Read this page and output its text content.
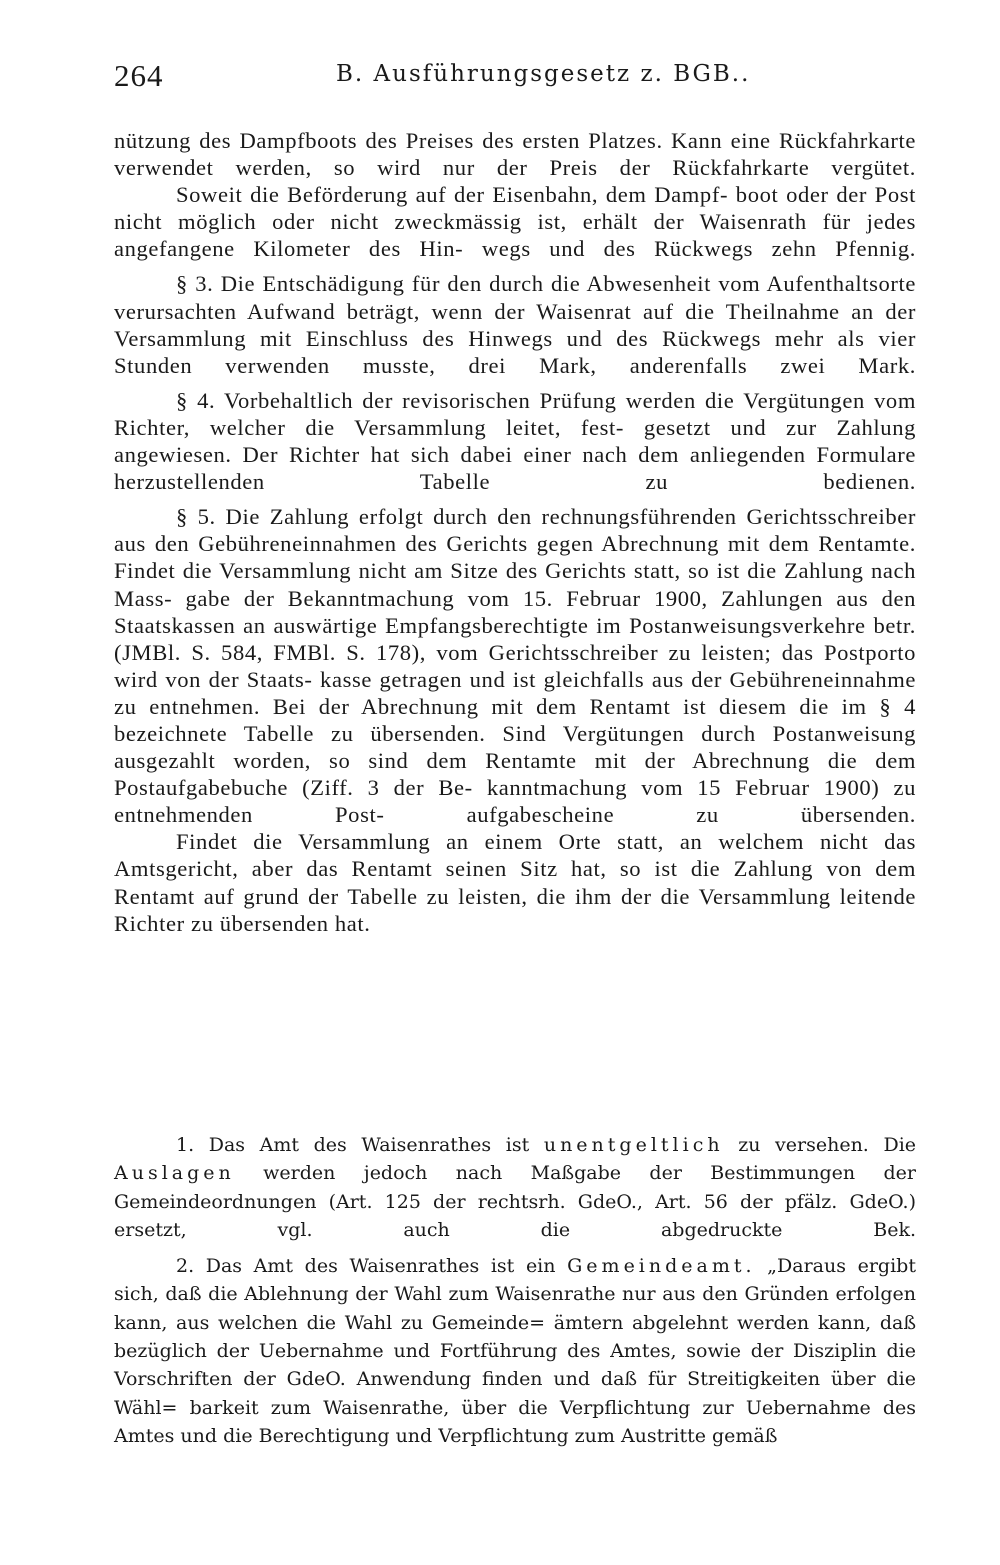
264	B. Ausführungsgesetz z. BGB..

nützung des Dampfboots des Preises des ersten Platzes. Kann eine Rückfahrkarte verwendet werden, so wird nur der Preis der Rückfahrkarte vergütet.

Soweit die Beförderung auf der Eisenbahn, dem Dampf- boot oder der Post nicht möglich oder nicht zweckmässig ist, erhält der Waisenrath für jedes angefangene Kilometer des Hin- wegs und des Rückwegs zehn Pfennig.

§ 3. Die Entschädigung für den durch die Abwesenheit vom Aufenthaltsorte verursachten Aufwand beträgt, wenn der Waisenrat auf die Theilnahme an der Versammlung mit Einschluss des Hinwegs und des Rückwegs mehr als vier Stunden verwenden musste, drei Mark, anderenfalls zwei Mark.

§ 4. Vorbehaltlich der revisorischen Prüfung werden die Vergütungen vom Richter, welcher die Versammlung leitet, fest- gesetzt und zur Zahlung angewiesen. Der Richter hat sich dabei einer nach dem anliegenden Formulare herzustellenden Tabelle	zu bedienen.

§ 5. Die Zahlung erfolgt durch den rechnungsführenden Gerichtsschreiber aus den Gebühreneinnahmen des Gerichts gegen Abrechnung mit dem Rentamte. Findet die Versammlung nicht am Sitze des Gerichts statt, so ist die Zahlung nach Mass- gabe der Bekanntmachung vom 15. Februar 1900, Zahlungen aus den Staatskassen an auswärtige Empfangsberechtigte im Postanweisungsverkehre betr. (JMBl. S. 584, FMBl. S. 178), vom Gerichtsschreiber zu leisten; das Postporto wird von der Staats- kasse getragen und ist gleichfalls aus der Gebühreneinnahme zu entnehmen. Bei der Abrechnung mit dem Rentamt ist diesem die im § 4 bezeichnete Tabelle zu übersenden. Sind Vergütungen durch Postanweisung ausgezahlt worden, so sind dem Rentamte mit der Abrechnung die dem Postaufgabebuche (Ziff. 3 der Be- kanntmachung vom 15 Februar 1900) zu entnehmenden Post-	aufgabescheine zu übersenden.

Findet die Versammlung an einem Orte statt, an welchem nicht das Amtsgericht, aber das Rentamt seinen Sitz hat, so ist die Zahlung von dem Rentamt auf grund der Tabelle zu leisten, die ihm der die Versammlung leitende Richter zu übersenden hat.

1. Das Amt des Waisenrathes ist unentgeltlich zu versehen. Die Auslagen werden jedoch nach Maßgabe der Bestimmungen der Gemeindeordnungen (Art. 125 der rechtsrh. GdeO., Art. 56 der pfälz. GdeO.) ersetzt, vgl. auch die abgedruckte Bek.

2. Das Amt des Waisenrathes ist ein Gemeindeamt. „Daraus ergibt sich, daß die Ablehnung der Wahl zum Waisenrathe nur aus den Gründen erfolgen kann, aus welchen die Wahl zu Gemeinde= ämtern abgelehnt werden kann, daß bezüglich der Uebernahme und Fortführung des Amtes, sowie der Disziplin die Vorschriften der GdeO. Anwendung finden und daß für Streitigkeiten über die Wähl= barkeit zum Waisenrathe, über die Verpflichtung zur Uebernahme des Amtes und die Berechtigung und Verpflichtung zum Austritte gemäß
